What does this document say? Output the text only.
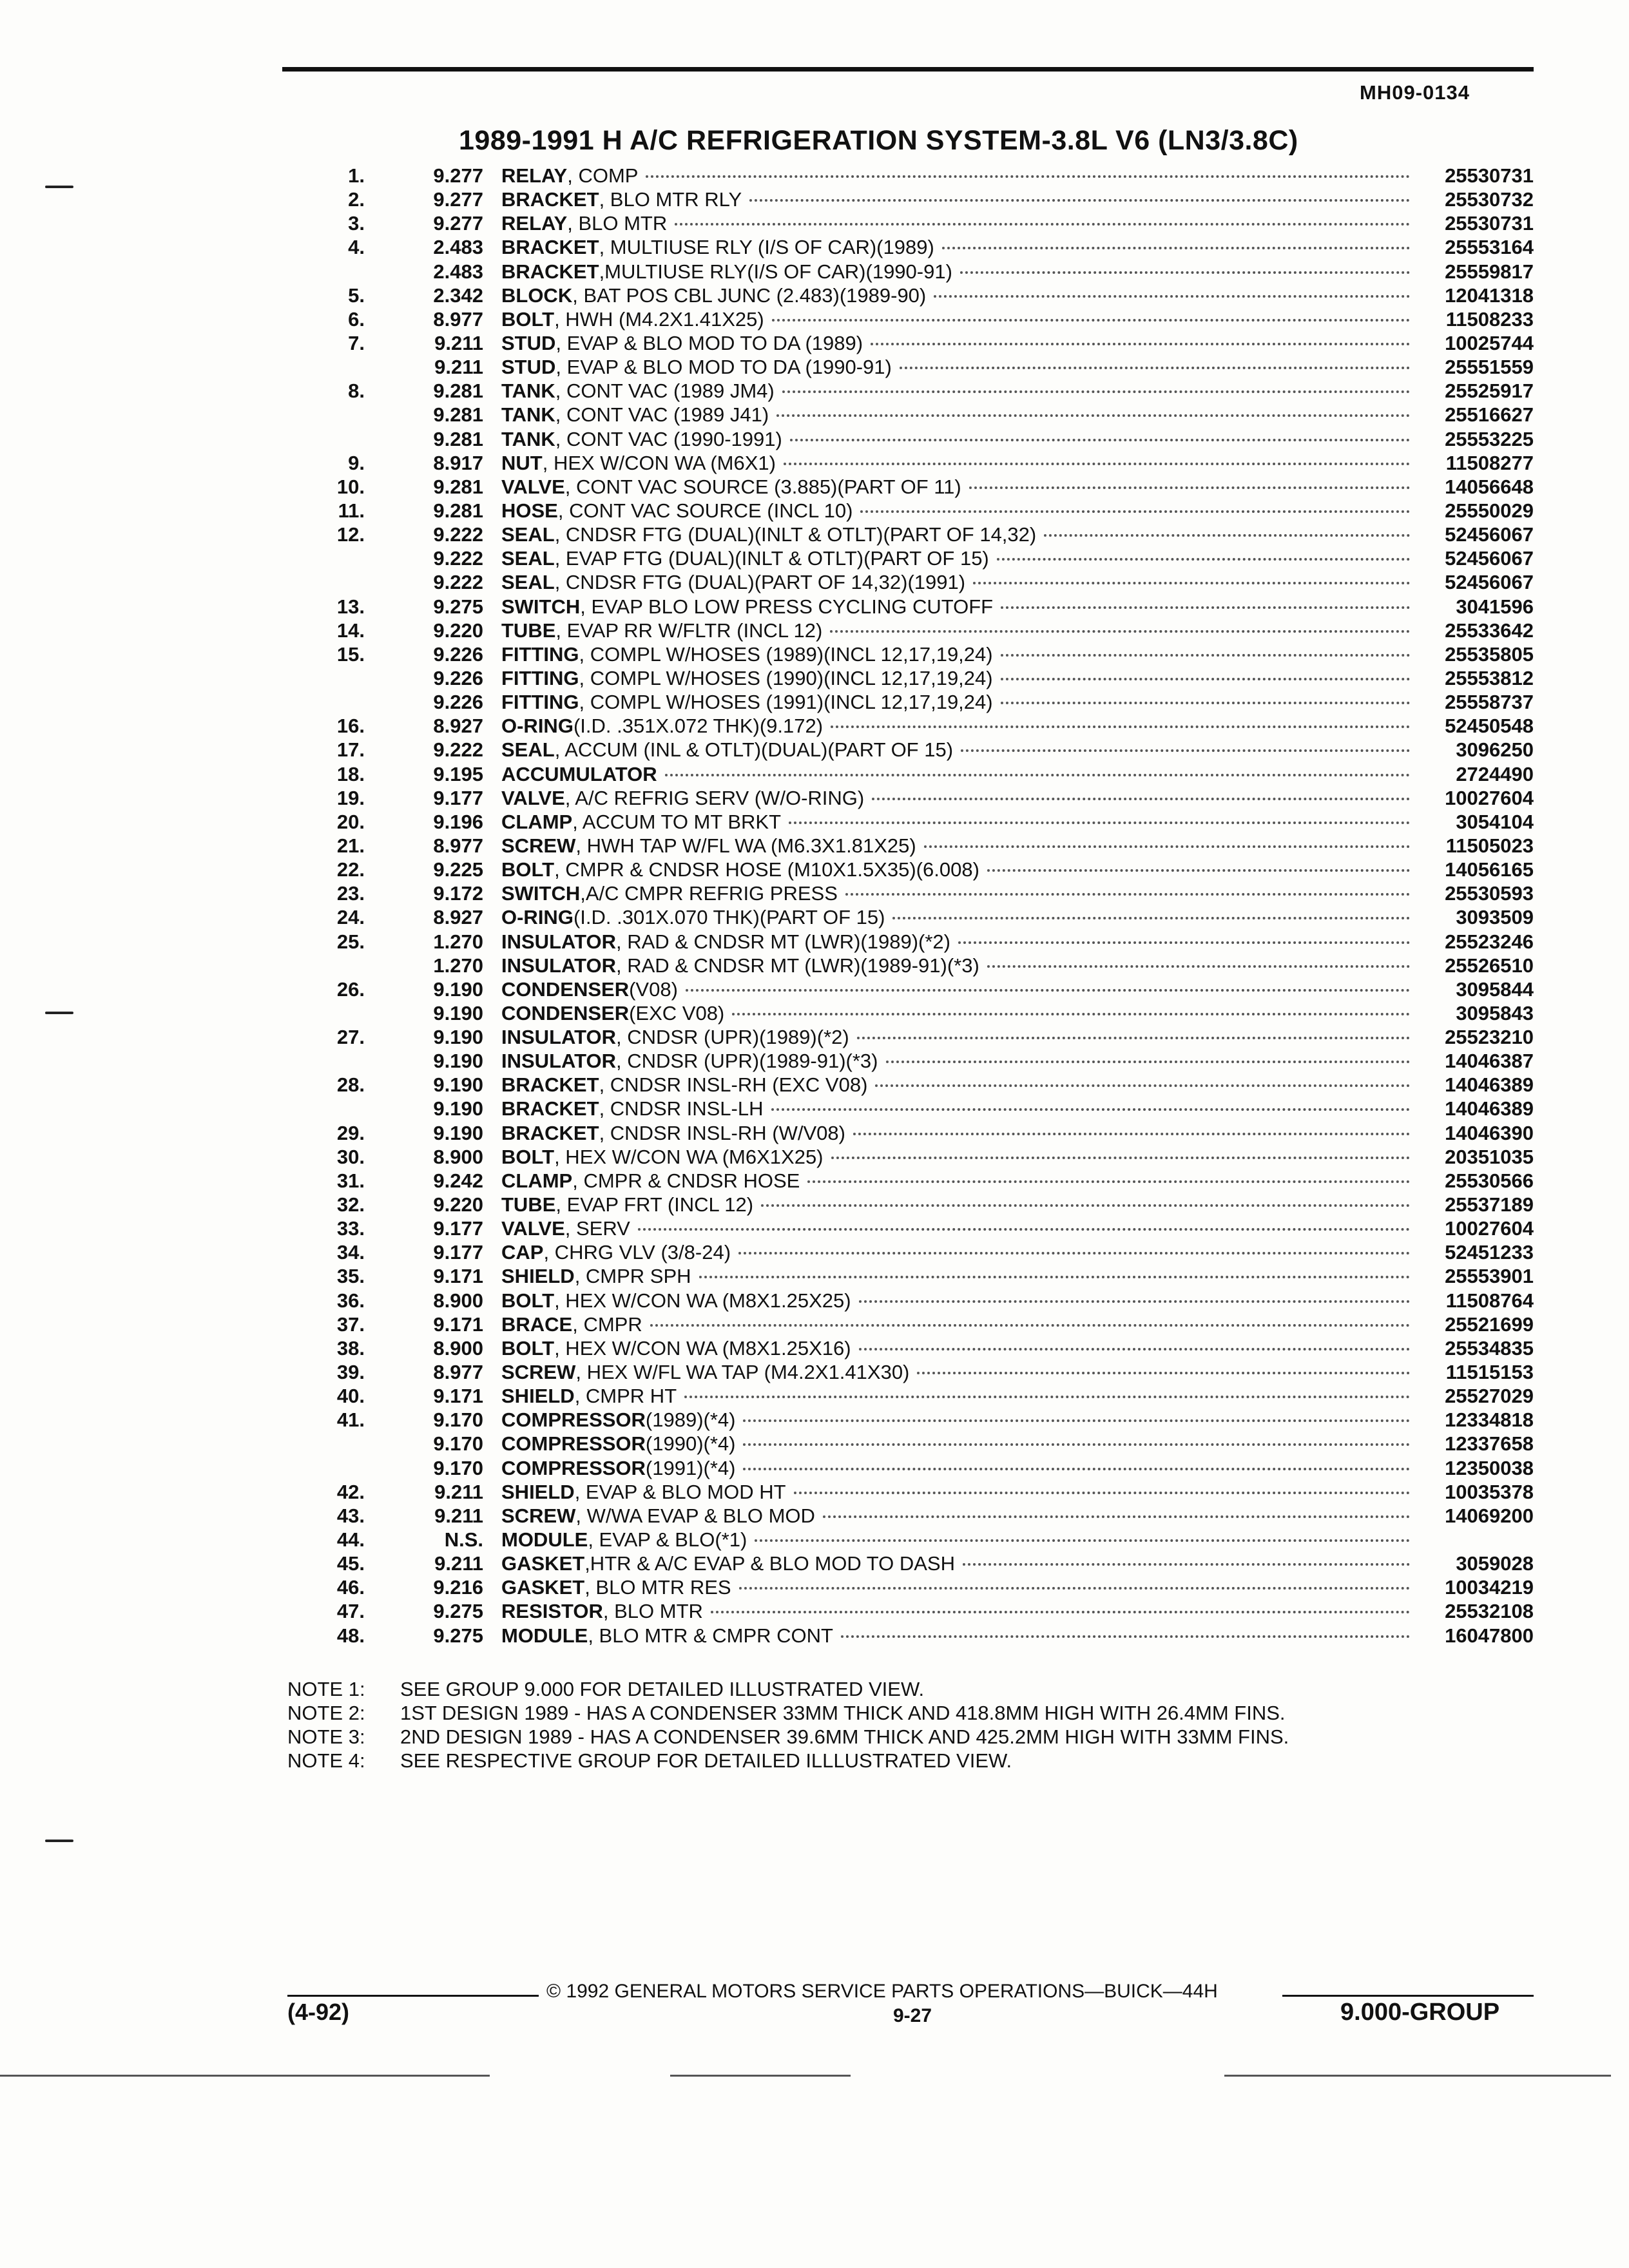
MH09-0134
1989-1991 H A/C REFRIGERATION SYSTEM-3.8L V6 (LN3/3.8C)
1.	9.277 RELAY, COMP	25530731
2.	9.277 BRACKET, BLO MTR RLY	25530732
3.	9.277 RELAY, BLO MTR	25530731
4.	2.483 BRACKET, MULTIUSE RLY (I/S OF CAR)(1989)	25553164
2.483 BRACKET,MULTIUSE RLY(I/S OF CAR)(1990-91)	25559817
5.	2.342 BLOCK, BAT POS CBL JUNC (2.483)(1989-90)	12041318
6.	8.977 BOLT, HWH (M4.2X1.41X25)	11508233
7.	9.211 STUD, EVAP & BLO MOD TO DA (1989)	10025744
9.211 STUD, EVAP & BLO MOD TO DA (1990-91)	25551559
8.	9.281 TANK, CONT VAC (1989 JM4)	25525917
9.281 TANK, CONT VAC (1989 J41)	25516627
9.281 TANK, CONT VAC (1990-1991)	25553225
9.	8.917 NUT, HEX W/CON WA (M6X1)	11508277
10.	9.281 VALVE, CONT VAC SOURCE (3.885)(PART OF 11)	14056648
11.	9.281 HOSE, CONT VAC SOURCE (INCL 10)	25550029
12.	9.222 SEAL, CNDSR FTG (DUAL)(INLT & OTLT)(PART OF 14,32)	52456067
9.222 SEAL, EVAP FTG (DUAL)(INLT & OTLT)(PART OF 15)	52456067
9.222 SEAL, CNDSR FTG (DUAL)(PART OF 14,32)(1991)	52456067
13.	9.275 SWITCH, EVAP BLO LOW PRESS CYCLING CUTOFF	3041596
14.	9.220 TUBE, EVAP RR W/FLTR (INCL 12)	25533642
15.	9.226 FITTING, COMPL W/HOSES (1989)(INCL 12,17,19,24)	25535805
9.226 FITTING, COMPL W/HOSES (1990)(INCL 12,17,19,24)	25553812
9.226 FITTING, COMPL W/HOSES (1991)(INCL 12,17,19,24)	25558737
16.	8.927 O-RING(I.D. .351X.072 THK)(9.172)	52450548
17.	9.222 SEAL, ACCUM (INL & OTLT)(DUAL)(PART OF 15)	3096250
18.	9.195 ACCUMULATOR	2724490
19.	9.177 VALVE, A/C REFRIG SERV (W/O-RING)	10027604
20.	9.196 CLAMP, ACCUM TO MT BRKT	3054104
21.	8.977 SCREW, HWH TAP W/FL WA (M6.3X1.81X25)	11505023
22.	9.225 BOLT, CMPR & CNDSR HOSE (M10X1.5X35)(6.008)	14056165
23.	9.172 SWITCH,A/C CMPR REFRIG PRESS	25530593
24.	8.927 O-RING(I.D. .301X.070 THK)(PART OF 15)	3093509
25.	1.270 INSULATOR, RAD & CNDSR MT (LWR)(1989)(*2)	25523246
1.270 INSULATOR, RAD & CNDSR MT (LWR)(1989-91)(*3)	25526510
26.	9.190 CONDENSER(V08)	3095844
9.190 CONDENSER(EXC V08)	3095843
27.	9.190 INSULATOR, CNDSR (UPR)(1989)(*2)	25523210
9.190 INSULATOR, CNDSR (UPR)(1989-91)(*3)	14046387
28.	9.190 BRACKET, CNDSR INSL-RH (EXC V08)	14046389
9.190 BRACKET, CNDSR INSL-LH	14046389
29.	9.190 BRACKET, CNDSR INSL-RH (W/V08)	14046390
30.	8.900 BOLT, HEX W/CON WA (M6X1X25)	20351035
31.	9.242 CLAMP, CMPR & CNDSR HOSE	25530566
32.	9.220 TUBE, EVAP FRT (INCL 12)	25537189
33.	9.177 VALVE, SERV	10027604
34.	9.177 CAP, CHRG VLV (3/8-24)	52451233
35.	9.171 SHIELD, CMPR SPH	25553901
36.	8.900 BOLT, HEX W/CON WA (M8X1.25X25)	11508764
37.	9.171 BRACE, CMPR	25521699
38.	8.900 BOLT, HEX W/CON WA (M8X1.25X16)	25534835
39.	8.977 SCREW, HEX W/FL WA TAP (M4.2X1.41X30)	11515153
40.	9.171 SHIELD, CMPR HT	25527029
41.	9.170 COMPRESSOR(1989)(*4)	12334818
9.170 COMPRESSOR(1990)(*4)	12337658
9.170 COMPRESSOR(1991)(*4)	12350038
42.	9.211 SHIELD, EVAP & BLO MOD HT	10035378
43.	9.211 SCREW, W/WA EVAP & BLO MOD	14069200
44.	N.S. MODULE, EVAP & BLO(*1)
45.	9.211 GASKET,HTR & A/C EVAP & BLO MOD TO DASH	3059028
46.	9.216 GASKET, BLO MTR RES	10034219
47.	9.275 RESISTOR, BLO MTR	25532108
48.	9.275 MODULE, BLO MTR & CMPR CONT	16047800
NOTE 1: SEE GROUP 9.000 FOR DETAILED ILLUSTRATED VIEW.
NOTE 2: 1ST DESIGN 1989 - HAS A CONDENSER 33MM THICK AND 418.8MM HIGH WITH 26.4MM FINS.
NOTE 3: 2ND DESIGN 1989 - HAS A CONDENSER 39.6MM THICK AND 425.2MM HIGH WITH 33MM FINS.
NOTE 4: SEE RESPECTIVE GROUP FOR DETAILED ILLLUSTRATED VIEW.
© 1992 GENERAL MOTORS SERVICE PARTS OPERATIONS—BUICK—44H
(4-92)	9-27	9.000-GROUP
